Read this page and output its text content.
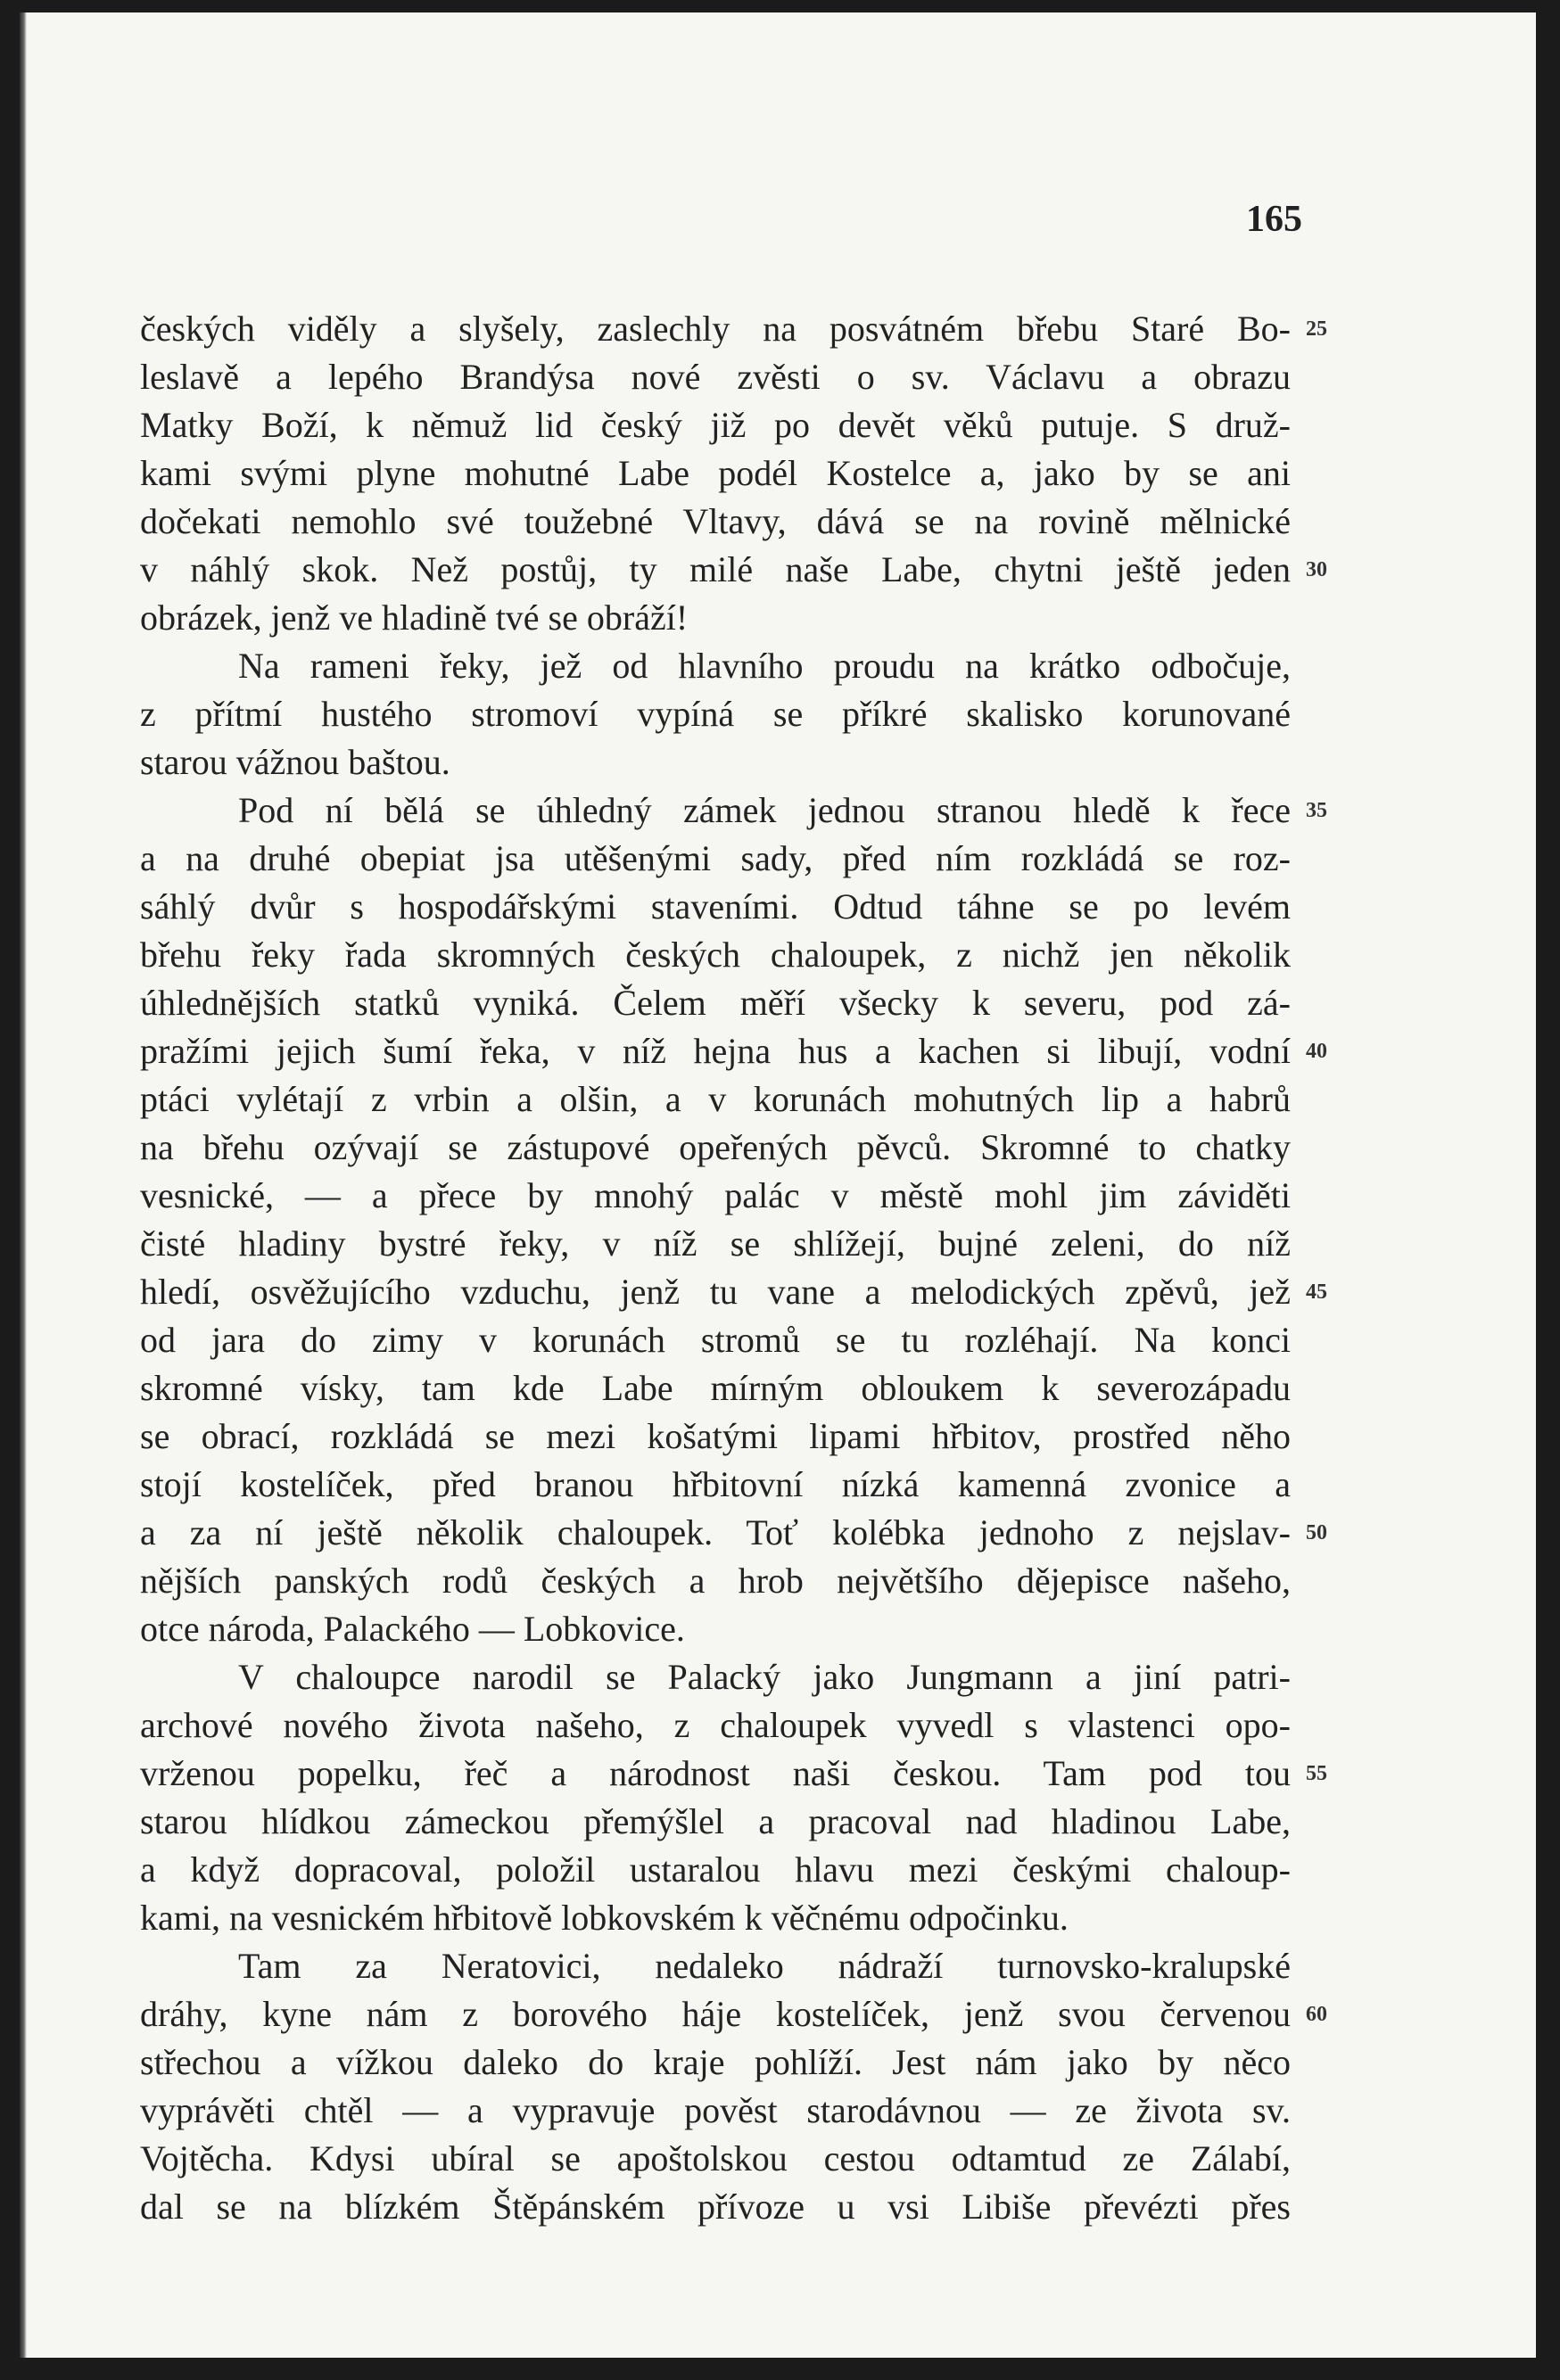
165

českých viděly a slyšely, zaslechly na posvátném břebu Staré Bo-
leslavě a lepého Brandýsa nové zvěsti o sv. Václavu a obrazu
Matky Boží, k němuž lid český již po devět věků putuje. S druž-
kami svými plyne mohutné Labe podél Kostelce a, jako by se ani
dočekati nemohlo své toužebné Vltavy, dává se na rovině mělnické
v náhlý skok. Než postůj, ty milé naše Labe, chytni ještě jeden
obrázek, jenž ve hladině tvé se obráží!
Na rameni řeky, jež od hlavního proudu na krátko odbočuje,
z přítmí hustého stromoví vypíná se příkré skalisko korunované
starou vážnou baštou.
Pod ní bělá se úhledný zámek jednou stranou hledě k řece
a na druhé obepiat jsa utěšenými sady, před ním rozkládá se roz-
sáhlý dvůr s hospodářskými staveními. Odtud táhne se po levém
břehu řeky řada skromných českých chaloupek, z nichž jen několik
úhlednějších statků vyniká. Čelem měří všecky k severu, pod zá-
pražími jejich šumí řeka, v níž hejna hus a kachen si libují, vodní
ptáci vylétají z vrbin a olšin, a v korunách mohutných lip a habrů
na břehu ozývají se zástupové opeřených pěvců. Skromné to chatky
vesnické, — a přece by mnohý palác v městě mohl jim záviděti
čisté hladiny bystré řeky, v níž se shlížejí, bujné zeleni, do níž
hledí, osvěžujícího vzduchu, jenž tu vane a melodických zpěvů, jež
od jara do zimy v korunách stromů se tu rozléhají. Na konci
skromné vísky, tam kde Labe mírným obloukem k severozápadu
se obrací, rozkládá se mezi košatými lipami hřbitov, prostřed něho
stojí kostelíček, před branou hřbitovní nízká kamenná zvonice a
a za ní ještě několik chaloupek. Toť kolébka jednoho z nejslav-
nějších panských rodů českých a hrob největšího dějepisce našeho,
otce národa, Palackého — Lobkovice.
V chaloupce narodil se Palacký jako Jungmann a jiní patri-
archové nového života našeho, z chaloupek vyvedl s vlastenci opo-
vrženou popelku, řeč a národnost naši českou. Tam pod tou
starou hlídkou zámeckou přemýšlel a pracoval nad hladinou Labe,
a když dopracoval, položil ustaralou hlavu mezi českými chaloup-
kami, na vesnickém hřbitově lobkovském k věčnému odpočinku.
Tam za Neratovici, nedaleko nádraží turnovsko-kralupské
dráhy, kyne nám z borového háje kostelíček, jenž svou červenou
střechou a vížkou daleko do kraje pohlíží. Jest nám jako by něco
vyprávěti chtěl — a vypravuje pověst starodávnou — ze života sv.
Vojtěcha. Kdysi ubíral se apoštolskou cestou odtamtud ze Zálabí,
dal se na blízkém Štěpánském přívoze u vsi Libiše převézti přes
25
30
35
40
45
50
55
60
